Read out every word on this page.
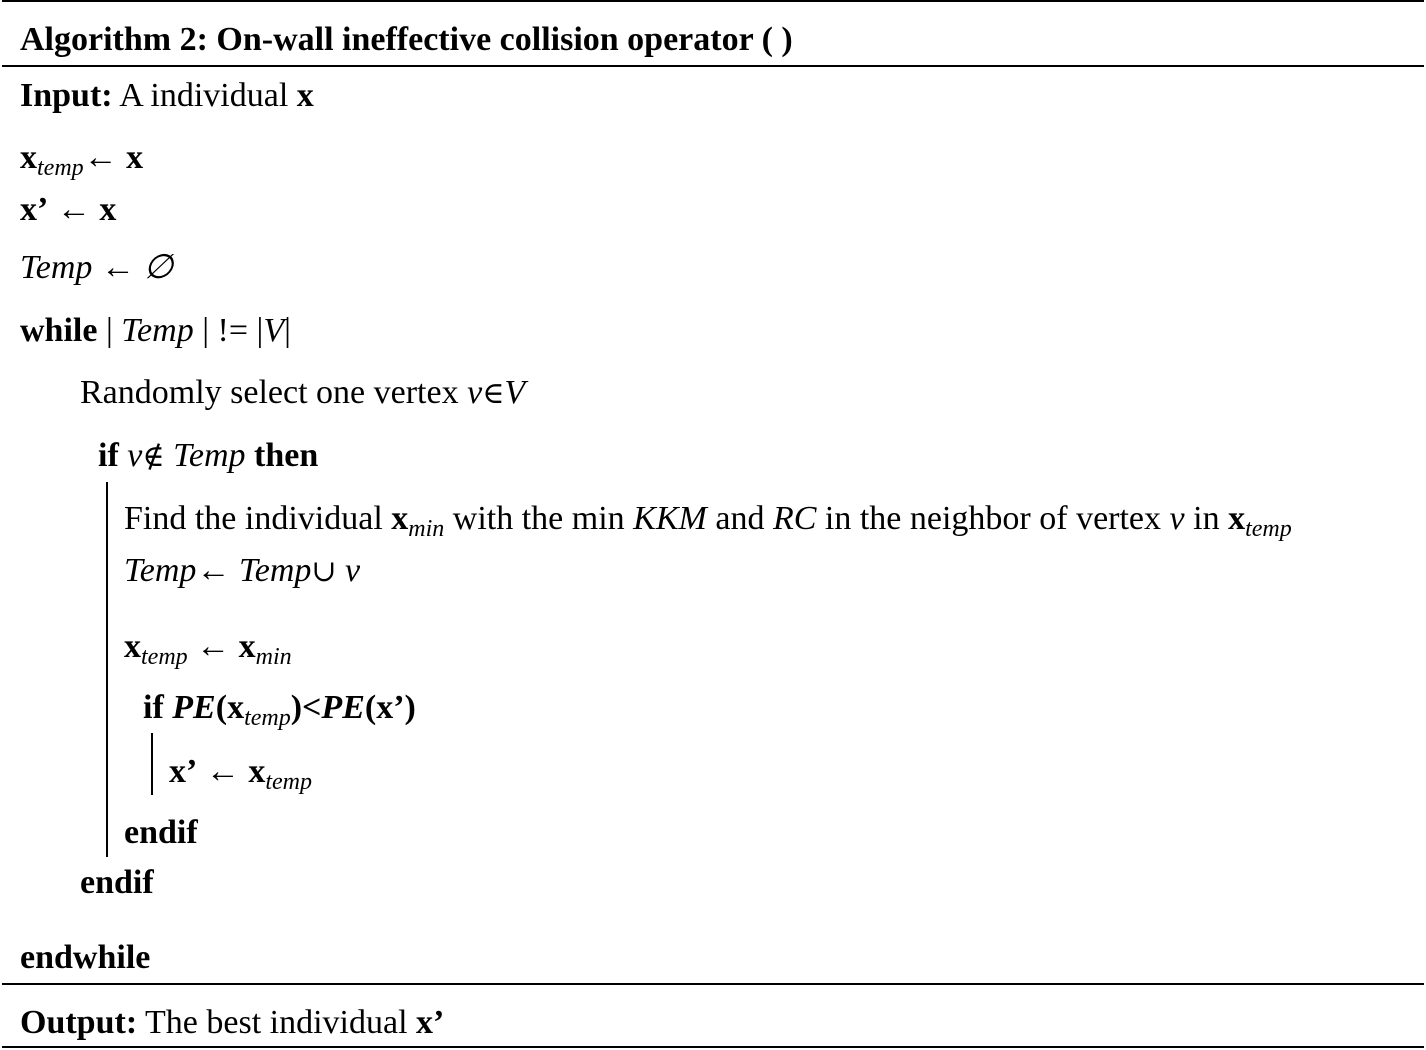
Algorithm 2: On-wall ineffective collision operator ( )
Input: A individual x
$x_{temp}\leftarrow$ x
x’ ← x
Temp ← ∅
while | Temp | != |V|
Randomly select one vertex v∈V
if v∉ Temp then
Find the individual $x_{min}$ with the min KKM and RC in the neighbor of vertex v in $x_{temp}$
Temp← Temp∪ v
$x_{temp}$ ← $x_{min}$
if $PE(x_{temp})<PE(x’)$
x’ ← $x_{temp}$
endif
endif
endwhile
Output: The best individual x’
